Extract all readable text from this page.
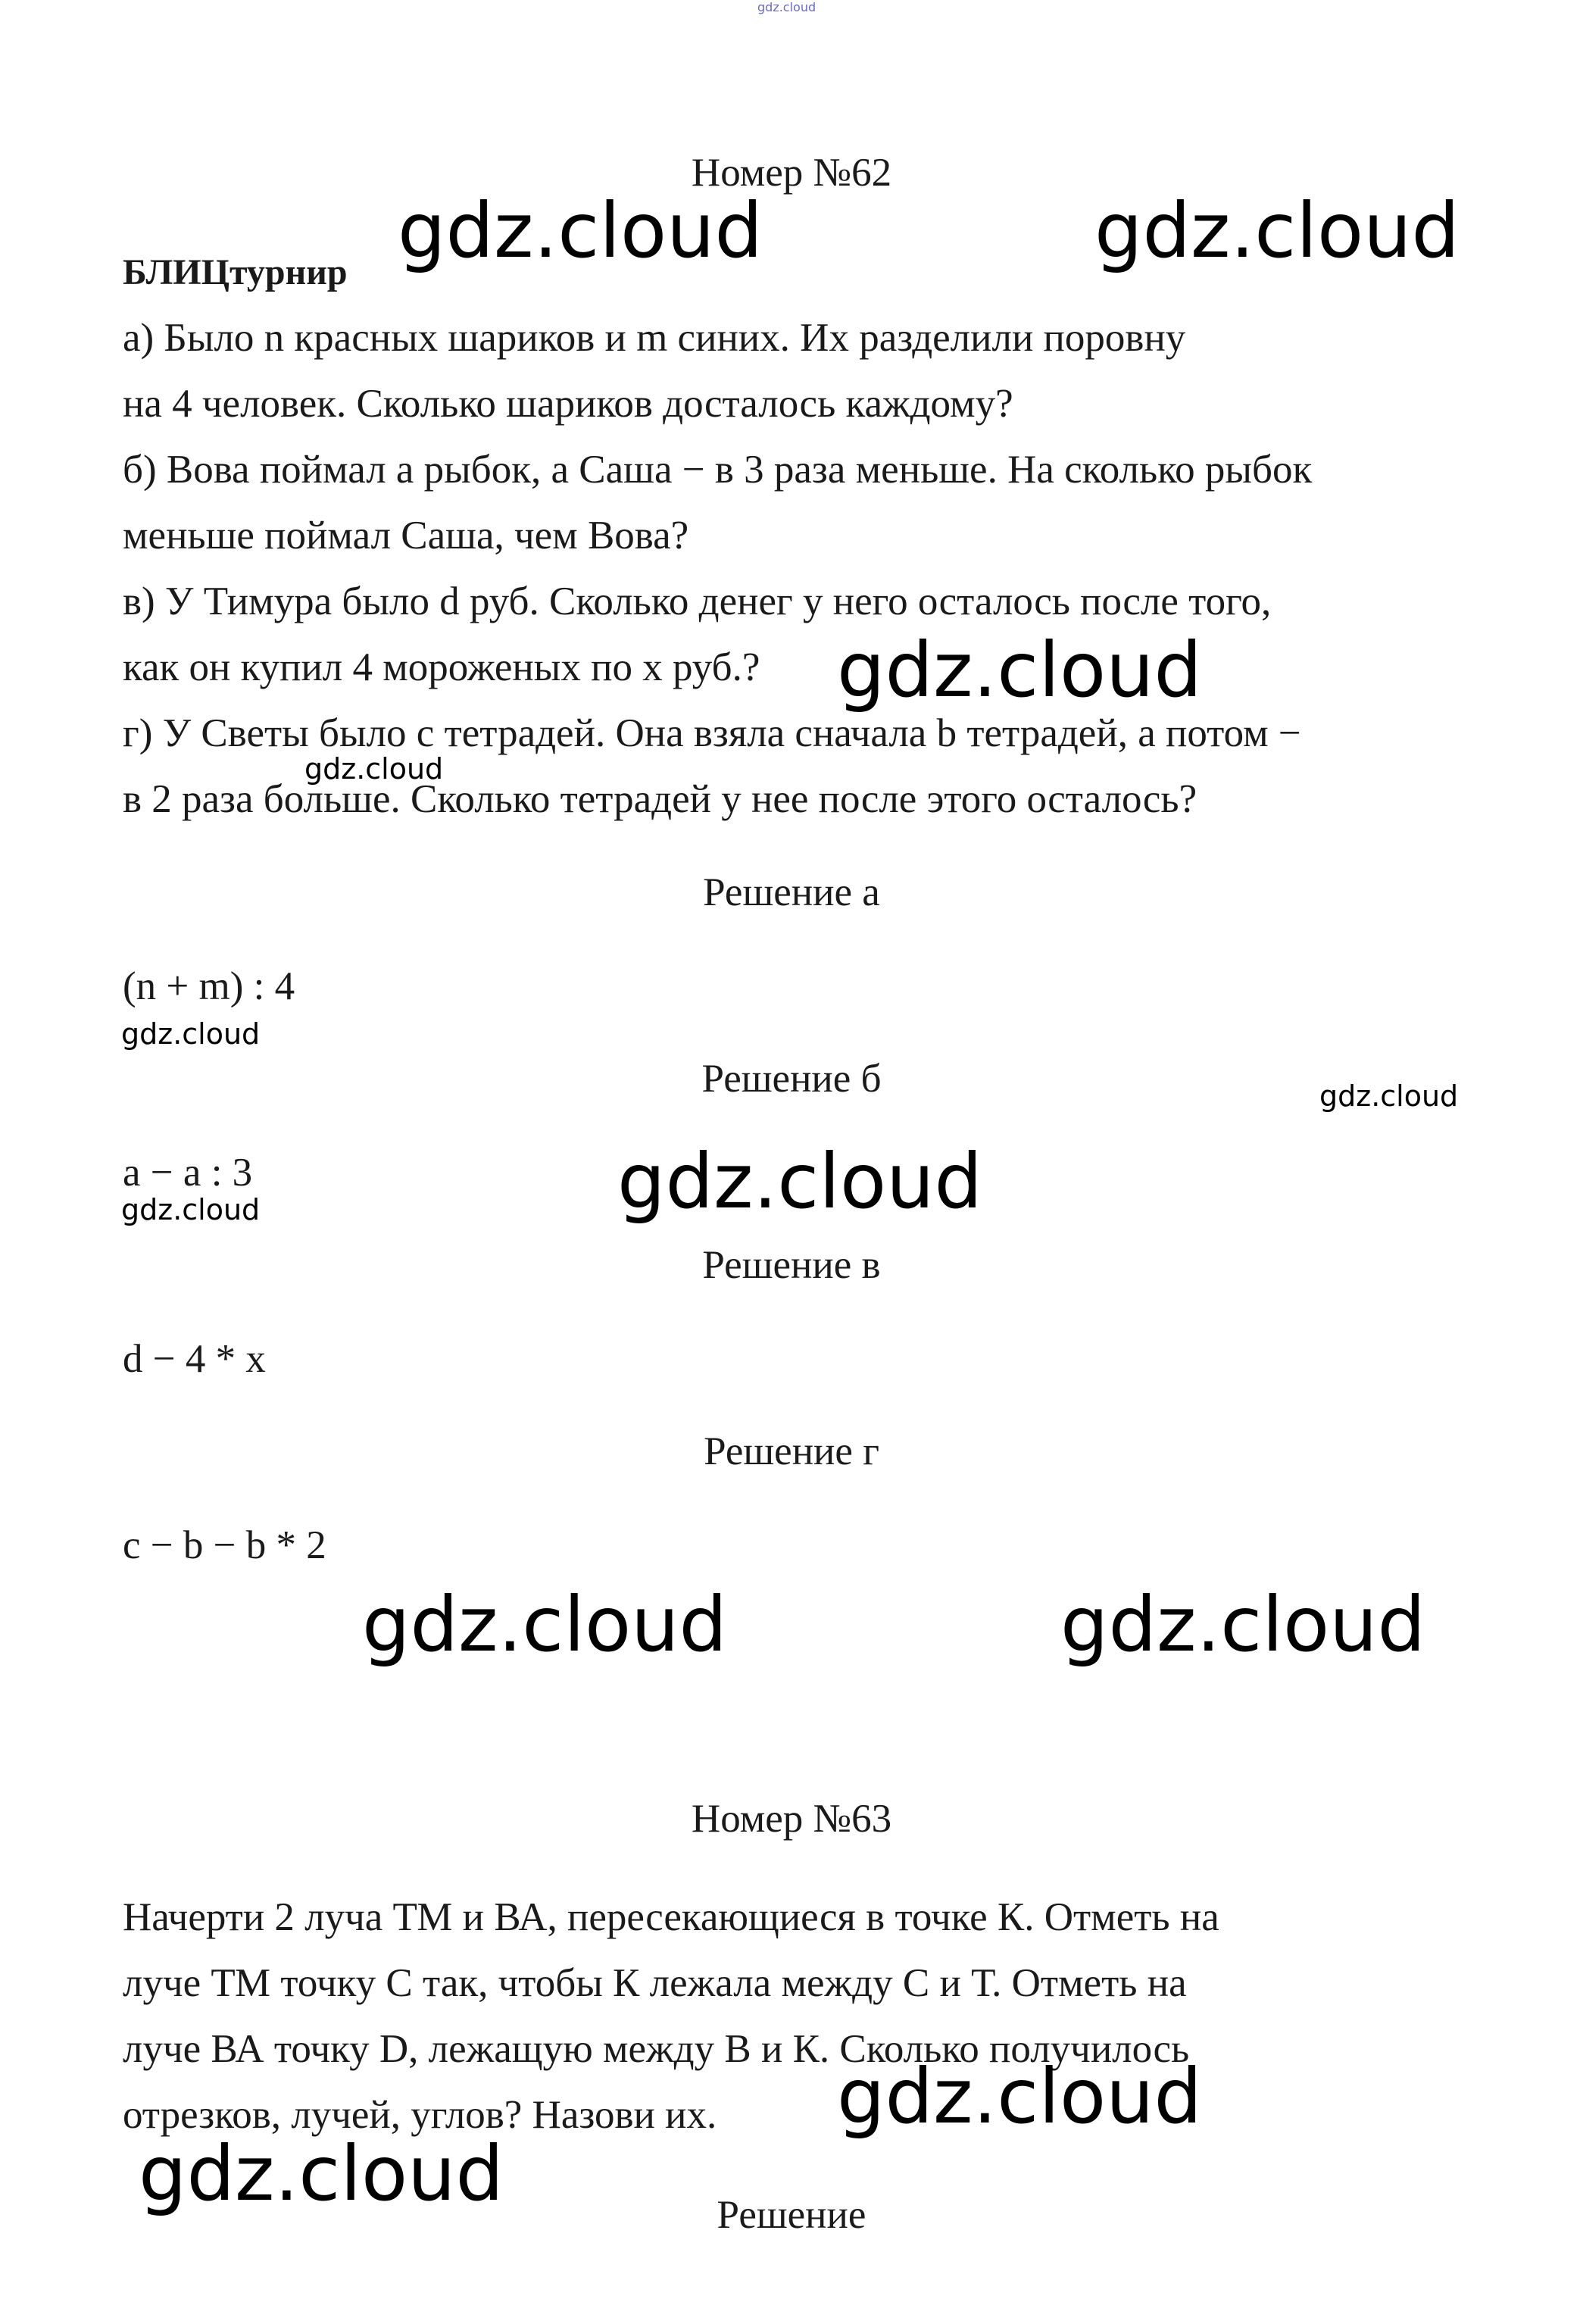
gdz.cloud
Номер №62
БЛИЦтурнир
а) Было n красных шариков и m синих. Их разделили поровну
на 4 человек. Сколько шариков досталось каждому?
б) Вова поймал а рыбок, а Саша − в 3 раза меньше. На сколько рыбок
меньше поймал Саша, чем Вова?
в) У Тимура было d руб. Сколько денег у него осталось после того,
как он купил 4 мороженых по x руб.?
г) У Светы было с тетрадей. Она взяла сначала b тетрадей, а потом −
в 2 раза больше. Сколько тетрадей у нее после этого осталось?
Решение а
(n + m) : 4
Решение б
a − a : 3
Решение в
d − 4 * x
Решение г
c − b − b * 2
Номер №63
Начерти 2 луча ТМ и ВА, пересекающиеся в точке К. Отметь на
луче ТМ точку С так, чтобы К лежала между С и Т. Отметь на
луче ВА точку D, лежащую между В и К. Сколько получилось
отрезков, лучей, углов? Назови их.
Решение
gdz.cloud	gdz.cloud
gdz.cloud
gdz.cloud
gdz.cloud	gdz.cloud
gdz.cloud
gdz.cloud
gdz.cloud
gdz.cloud
gdz.cloud
gdz.cloud
